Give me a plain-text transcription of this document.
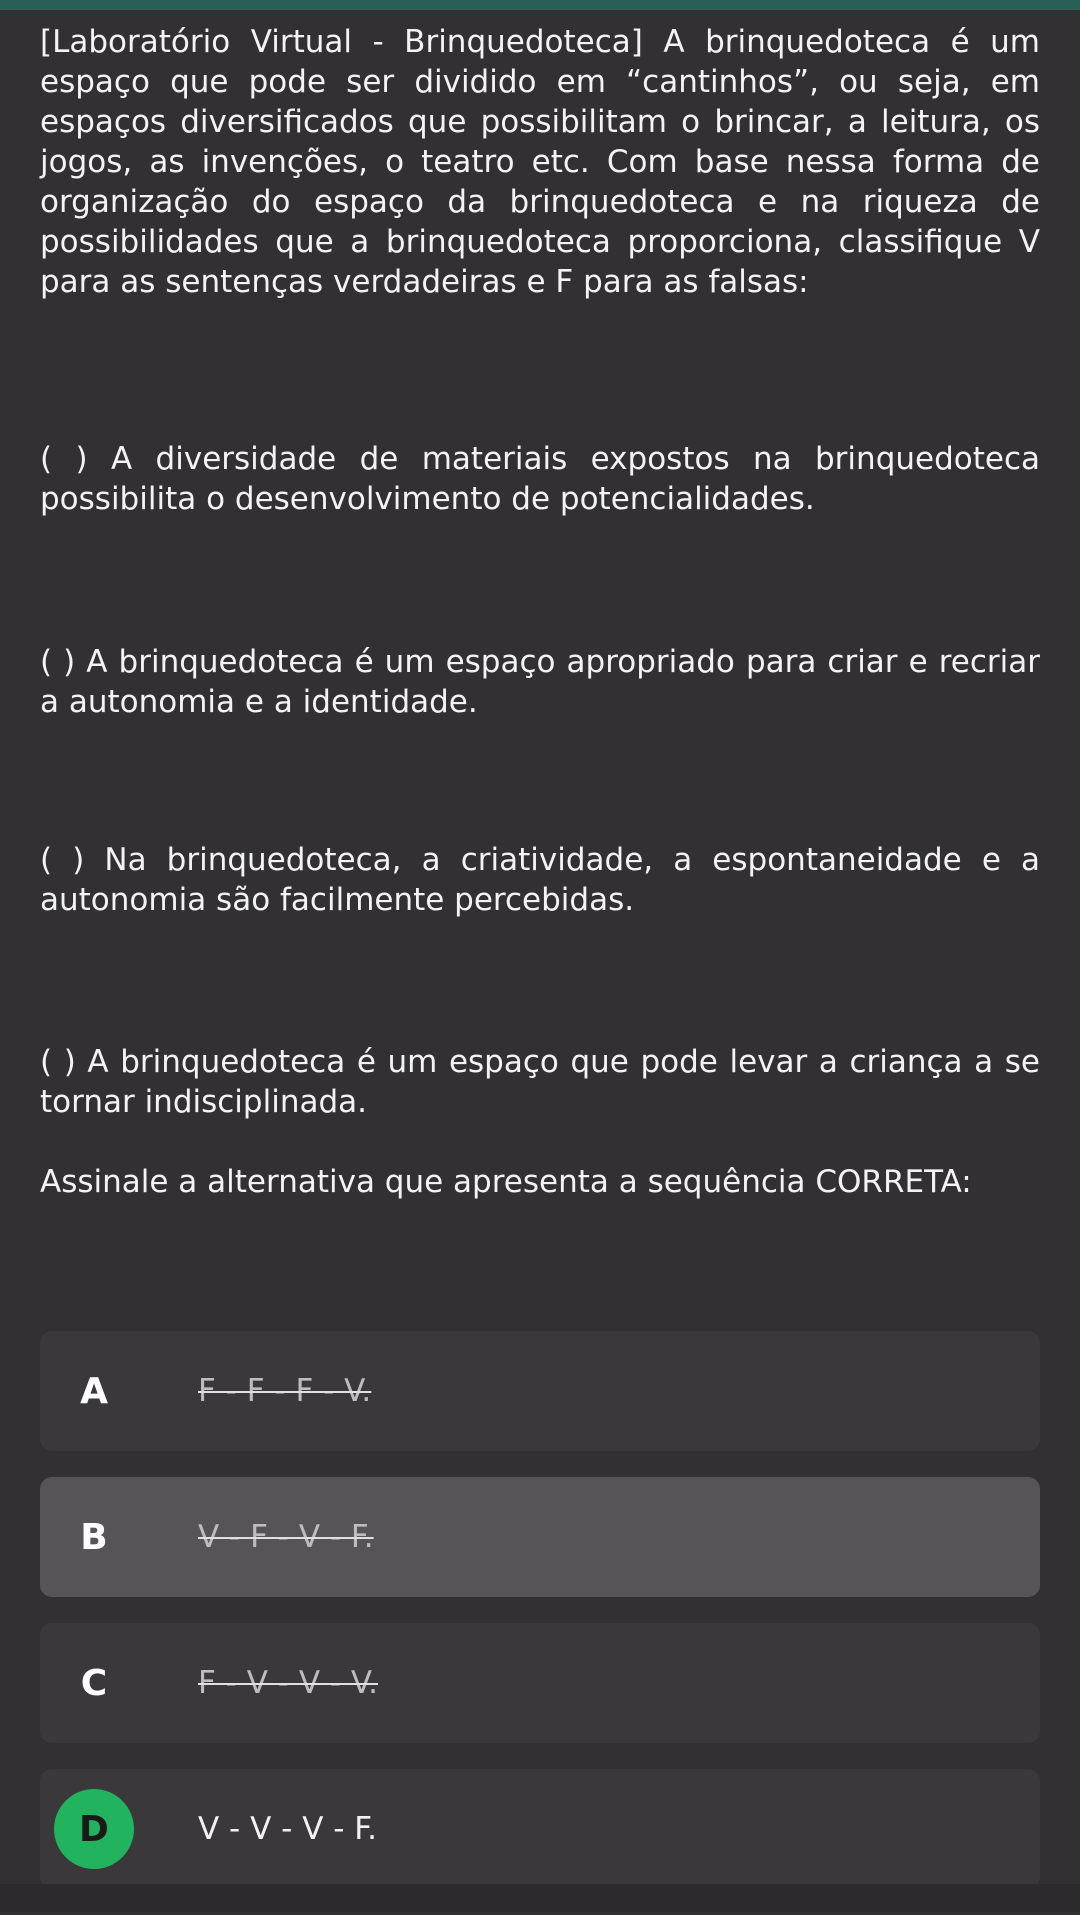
[Laboratório Virtual - Brinquedoteca] A brinquedoteca é um espaço que pode ser dividido em “cantinhos”, ou seja, em espaços diversificados que possibilitam o brincar, a leitura, os jogos, as invenções, o teatro etc. Com base nessa forma de organização do espaço da brinquedoteca e na riqueza de possibilidades que a brinquedoteca proporciona, classifique V para as sentenças verdadeiras e F para as falsas:

( ) A diversidade de materiais expostos na brinquedoteca possibilita o desenvolvimento de potencialidades.

( ) A brinquedoteca é um espaço apropriado para criar e recriar a autonomia e a identidade.

( ) Na brinquedoteca, a criatividade, a espontaneidade e a autonomia são facilmente percebidas.

( ) A brinquedoteca é um espaço que pode levar a criança a se tornar indisciplinada.

Assinale a alternativa que apresenta a sequência CORRETA:

A	F - F - F - V.
B	V - F - V - F.
C	F - V - V - V.
D	V - V - V - F.
